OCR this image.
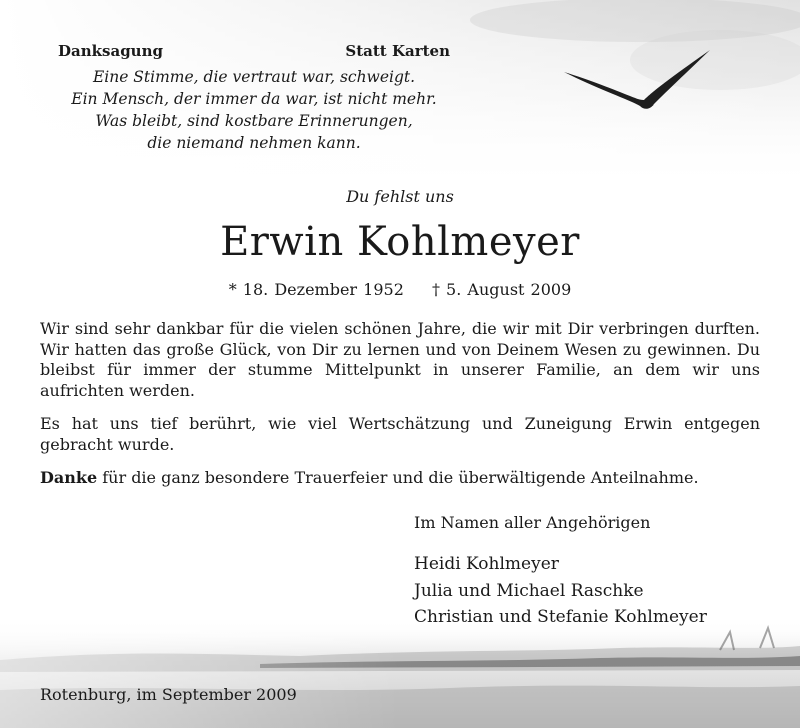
Danksagung	Statt Karten
Eine Stimme, die vertraut war, schweigt.
Ein Mensch, der immer da war, ist nicht mehr.
Was bleibt, sind kostbare Erinnerungen,
die niemand nehmen kann.
Du fehlst uns
Erwin Kohlmeyer
* 18. Dezember 1952 † 5. August 2009

Wir sind sehr dankbar für die vielen schönen Jahre, die wir mit Dir verbringen durften. Wir hatten das große Glück, von Dir zu lernen und von Deinem Wesen zu gewinnen. Du bleibst für immer der stumme Mittelpunkt in unserer Familie, an dem wir uns aufrichten werden.

Es hat uns tief berührt, wie viel Wertschätzung und Zuneigung Erwin entgegen gebracht wurde.

Danke für die ganz besondere Trauerfeier und die überwältigende Anteilnahme.

Im Namen aller Angehörigen
Heidi Kohlmeyer
Julia und Michael Raschke
Christian und Stefanie Kohlmeyer
Rotenburg, im September 2009
